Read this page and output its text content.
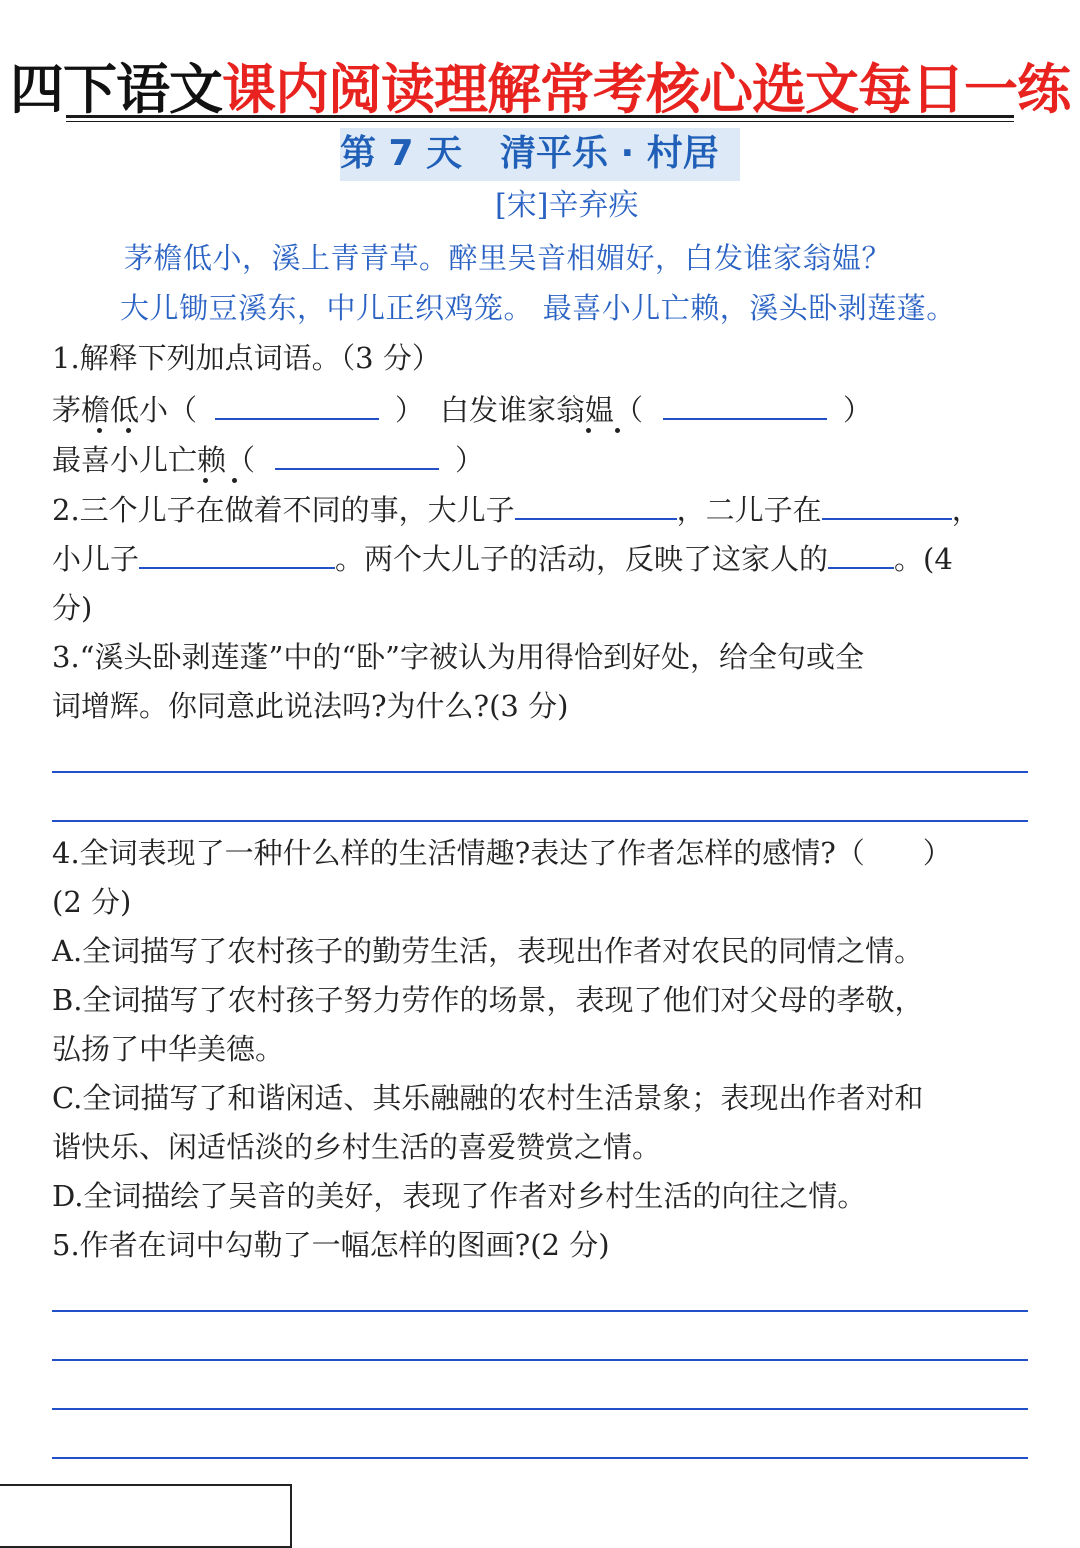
四下语文课内阅读理解常考核心选文每日一练
第 7 天 清平乐 · 村居
[宋]辛弃疾
茅檐低小，溪上青青草。醉里吴音相媚好，白发谁家翁媪？
大儿锄豆溪东，中儿正织鸡笼。 最喜小儿亡赖，溪头卧剥莲蓬。
1.解释下列加点词语。（3 分）
茅檐低小（	） 白发谁家翁媪（	）
最喜小儿亡赖（	）
2.三个儿子在做着不同的事，大儿子	，二儿子在	，
小儿子	。两个大儿子的活动，反映了这家人的 。(4
分)
3.“溪头卧剥莲蓬”中的“卧”字被认为用得恰到好处，给全句或全
词增辉。你同意此说法吗?为什么?(3 分)
4.全词表现了一种什么样的生活情趣?表达了作者怎样的感情?（　　）
(2 分)
A.全词描写了农村孩子的勤劳生活，表现出作者对农民的同情之情。
B.全词描写了农村孩子努力劳作的场景，表现了他们对父母的孝敬，
弘扬了中华美德。
C.全词描写了和谐闲适、其乐融融的农村生活景象；表现出作者对和
谐快乐、闲适恬淡的乡村生活的喜爱赞赏之情。
D.全词描绘了吴音的美好，表现了作者对乡村生活的向往之情。
5.作者在词中勾勒了一幅怎样的图画?(2 分)
